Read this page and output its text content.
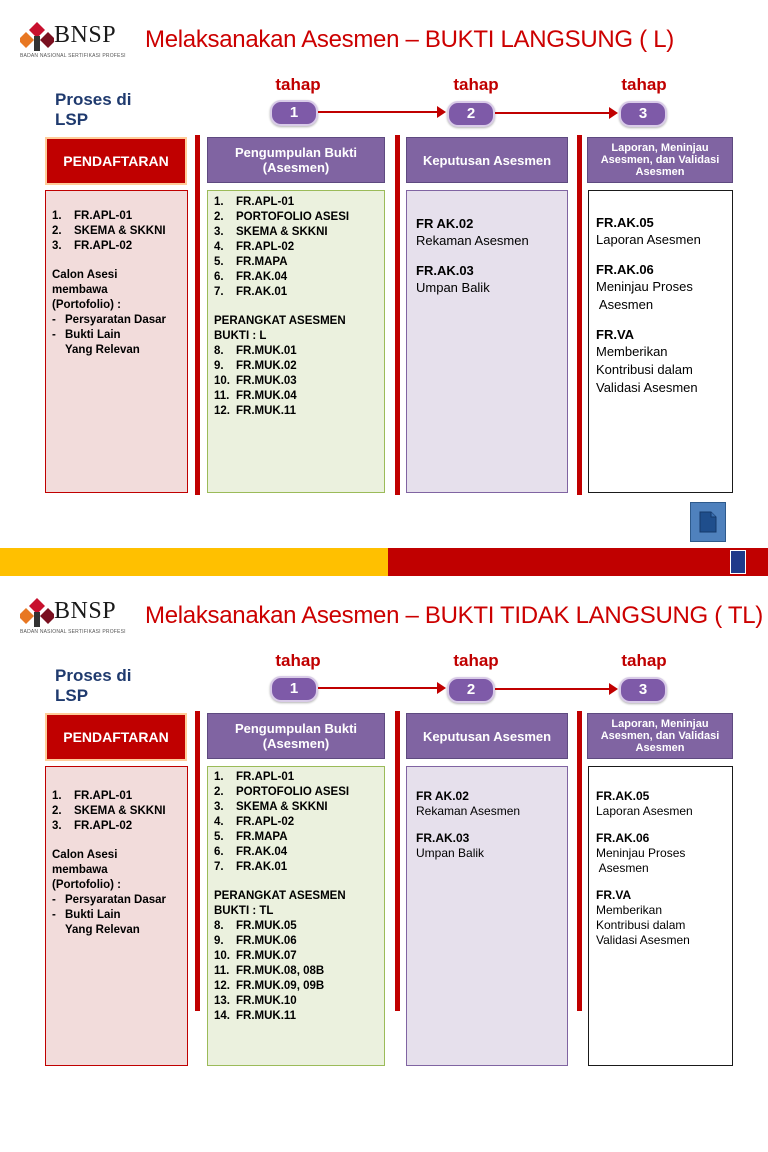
BNSP
BADAN NASIONAL SERTIFIKASI PROFESI
Melaksanakan Asesmen – BUKTI LANGSUNG ( L)
Proses di
LSP
tahap	tahap	tahap
1	2	3
PENDAFTARAN
Pengumpulan Bukti (Asesmen)	Keputusan Asesmen
Laporan, Meninjau Asesmen, dan Validasi Asesmen
1.	FR.APL-01
2.	SKEMA & SKKNI
3.	FR.APL-02
Calon Asesi
membawa
(Portofolio) :
- Persyaratan Dasar
- Bukti Lain
Yang Relevan
1.	FR.APL-01
2.	PORTOFOLIO ASESI
3.	SKEMA & SKKNI
4.	FR.APL-02
5.	FR.MAPA
6.	FR.AK.04
7.	FR.AK.01
PERANGKAT ASESMEN
BUKTI : L
8.	FR.MUK.01
9.	FR.MUK.02
10. FR.MUK.03
11. FR.MUK.04
12. FR.MUK.11
FR AK.02
Rekaman Asesmen
FR.AK.03
Umpan Balik
FR.AK.05
Laporan Asesmen
FR.AK.06
Meninjau Proses
Asesmen
FR.VA
Memberikan
Kontribusi dalam
Validasi Asesmen
BNSP
BADAN NASIONAL SERTIFIKASI PROFESI
Melaksanakan Asesmen – BUKTI TIDAK LANGSUNG ( TL)
Proses di
LSP
tahap	tahap	tahap
1	2	3
PENDAFTARAN
Pengumpulan Bukti (Asesmen)	Keputusan Asesmen
Laporan, Meninjau Asesmen, dan Validasi Asesmen
1.	FR.APL-01
2.	SKEMA & SKKNI
3.	FR.APL-02
Calon Asesi
membawa
(Portofolio) :
- Persyaratan Dasar
- Bukti Lain
Yang Relevan
1.	FR.APL-01
2.	PORTOFOLIO ASESI
3.	SKEMA & SKKNI
4.	FR.APL-02
5.	FR.MAPA
6.	FR.AK.04
7.	FR.AK.01
PERANGKAT ASESMEN
BUKTI : TL
8.	FR.MUK.05
9.	FR.MUK.06
10. FR.MUK.07
11. FR.MUK.08, 08B
12. FR.MUK.09, 09B
13. FR.MUK.10
14. FR.MUK.11
FR AK.02
Rekaman Asesmen
FR.AK.03
Umpan Balik
FR.AK.05
Laporan Asesmen
FR.AK.06
Meninjau Proses
Asesmen
FR.VA
Memberikan
Kontribusi dalam
Validasi Asesmen
